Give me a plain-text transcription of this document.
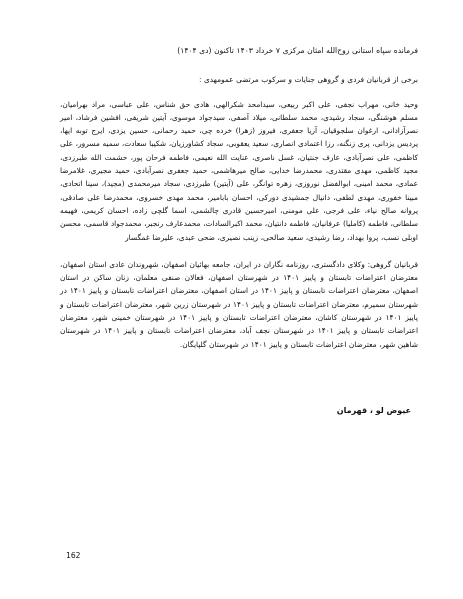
فرمانده سپاه استانی روح‌الله امثان مرکزی ۷ خرداد ۱۴۰۳ تاکنون (دی ۱۴۰۴)

برخی از قربانیان فردی و گروهی جنایات و سرکوب مرتضی عمومهدی :

وحید خانی، مهراب نجفی، علی اکبر ربیعی، سیدامحد شکرالهی، هادی حق شناس، علی عباسی، مراد بهرامیان، مسلم هوشنگی، سجاد رشیدی، محمد سلطانی، میلاد آصفی، سیدجواد موسوی، آیتین شریفی، افشین فرشاد، امیر نصرآزادانی، ارغوان سلجوقیان، آریا جعفری، فیروز (زهرا) خرده چی، حمید رحمانی، حسین یزدی، ایرج توبه ایها، پردیس یزدانی، پری زنگنه، رزا اعتمادی انصاری، سعید یعقوبی، سجاد کشاورزیان، شکیبا سعادت، سمیه مسرور، علی کاظمی، علی نصرآبادی، عارف جنتیان، غسل ناصری، عنایت الله نعیمی، فاطمه فرحان پور، حشمت الله طبرزدی، مجید کاظمی، مهدی مقتدری، محمدرضا خدایی، صالح میرهاشمی، حمید جعفری نصرآبادی، حمید مجیری، غلامرضا عمادی، محمد امینی، ابوالفضل نوروزی، زهره توانگر، علی (آیتین) طبرزدی، سجاد میرمحمدی (مجید)، سینا اتحادی، مبینا خفوری، مهدی لطفی، دانیال جمشیدی دورکی، احسان بابامیر، محمد مهدی خسروی، محمدرضا علی صادقی، پروانه صالح نیاء، علی فرجی، علی مومنی، امیرحسین قادری چالشمی، اسما گلچی زاده، احسان کریمی، فهیمه سلطانی، فاطمه (کاملیا) عرفانیان، فاطمه دانتیان، محمد اکبرالسادات، محمدعارف رنجبر، محمدجواد قاسمی، محسن اوبلی نسب، پروا بهداد، رضا رشیدی، سعید صالحی، زینب نصیری، ضحی عبدی، علیرضا غمگسار

قربانیان گروهی: وکلای دادگستری، روزنامه نگاران در ایران، جامعه بهائیان اصفهان، شهروندان عادی استان اصفهان، معترضان اعتراضات تابستان و پاییز ۱۴۰۱ در شهرستان اصفهان، فعالان صنفی معلمان، زنان ساکن در استان اصفهان، معترضان اعتراضات تابستان و پاییز ۱۴۰۱ در استان اصفهان، معترضان اعتراضات تابستان و پاییز ۱۴۰۱ در شهرستان سمیرم، معترضان اعتراضات تابستان و پاییز ۱۴۰۱ در شهرستان زرین شهر، معترضان اعتراضات تابستان و پاییز ۱۴۰۱ در شهرستان کاشان، معترضان اعتراضات تابستان و پاییز ۱۴۰۱ در شهرستان خمینی شهر، معترضان اعتراضات تابستان و پاییز ۱۴۰۱ در شهرستان نجف آباد، معترضان اعتراضات تابستان و پاییز ۱۴۰۱ در شهرستان شاهین شهر، معترضان اعتراضات تابستان و پاییز ۱۴۰۱ در شهرستان گلپایگان.

عیوض لو ، قهرمان
162
